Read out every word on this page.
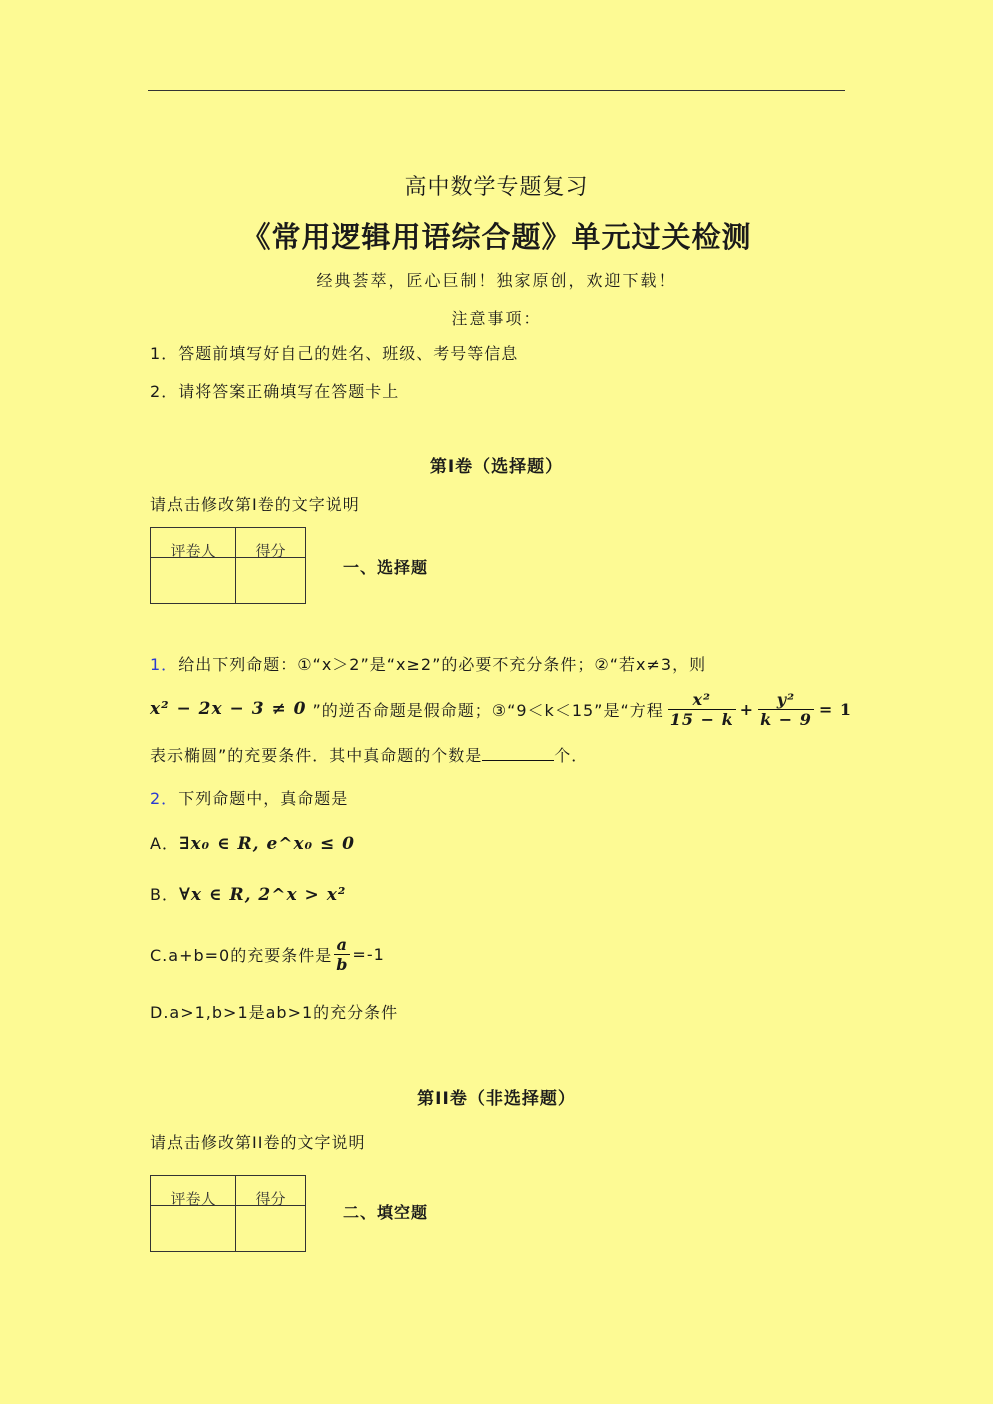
高中数学专题复习
《常用逻辑用语综合题》单元过关检测
经典荟萃，匠心巨制！独家原创，欢迎下载！
注意事项：
1．答题前填写好自己的姓名、班级、考号等信息
2．请将答案正确填写在答题卡上
第Ⅰ卷（选择题）
请点击修改第Ⅰ卷的文字说明
评卷人	得分

一、选择题
1．给出下列命题：①“x＞2”是“x≥2”的必要不充分条件；②“若x≠3，则
x² − 2x − 3 ≠ 0 ”的逆否命题是假命题；③“9＜k＜15”是“方程 $\frac{\text{x²}}{15 - k} + \frac{\text{y²}}{k - 9} = 1$
表示椭圆”的充要条件．其中真命题的个数是	个．
2．下列命题中，真命题是
A．∃x₀ ∈ R, e^x₀ ≤ 0
B．∀x ∈ R, 2^x > x²
C.a+b=0的充要条件是 $\frac{a}{b} =-1$
D.a>1,b>1是ab>1的充分条件
第II卷（非选择题）
请点击修改第II卷的文字说明
评卷人	得分

二、填空题
